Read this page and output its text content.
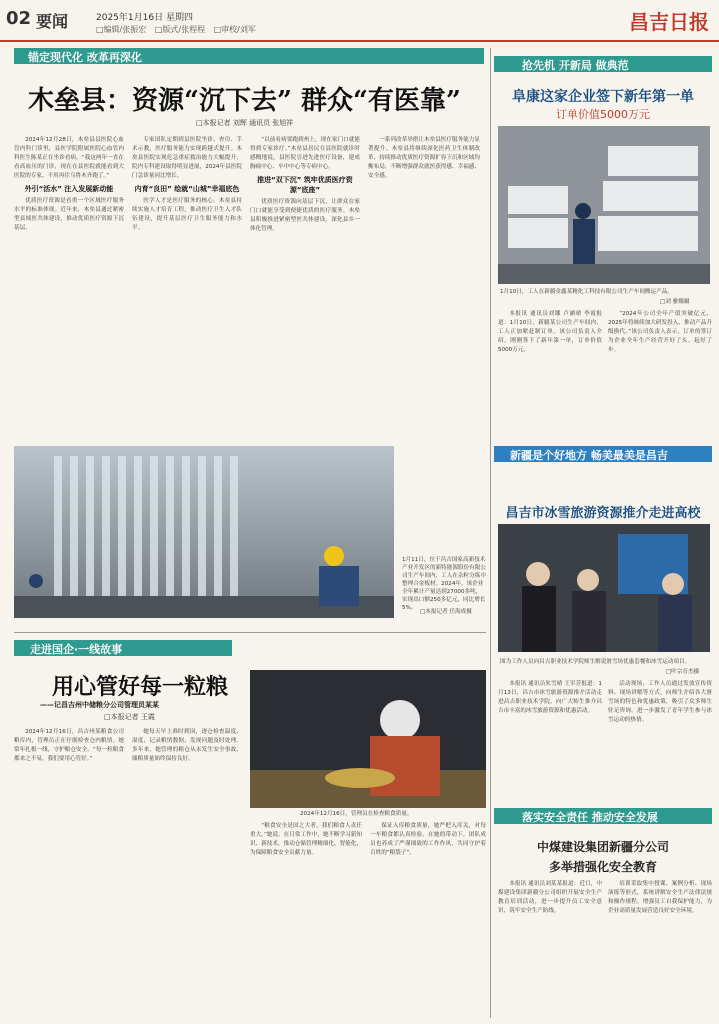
02 要闻	2025年1月16日 星期四
□编辑/张振宏 □版式/张程程 □审校/刘军	昌吉日报
锚定现代化 改革再深化
木垒县：资源“沉下去” 群众“有医靠”
□本报记者 刘辉 通讯员 张旭祥

2024年12月28日，木垒县县医院心血管内科门诊里，县医学院附属医院心血管内科医生陈某正在坐诊看病。“我这两年一直在看高血压的门诊，现在在县医院就能看到大医院的专家，不用再往乌鲁木齐跑了。”

外引“活水” 注入发展新动能

优质医疗资源是看重一个区域医疗服务水平的标准体现。近年来，木垒县通过紧密型县域医共体建设，推动优质医疗资源下沉基层。

专家团队定期到县医院坐诊、查房、手术示教，医疗服务能力实现跨越式提升。木垒县医院实现危急重症救治能力大幅提升，院内专科建设取得明显进展，2024年县医院门急诊量同比增长。

内育“良田” 绘就“山城”幸福底色

医学人才是医疗服务的核心。木垒县持续实施人才培育工程，推动医疗卫生人才队伍建设，提升基层医疗卫生服务能力和水平。

“以前看病要跑到州上，现在家门口就能得到专家诊疗。”木垒县居民在县医院就诊时感慨地说。县医院引进先进医疗设备，建成胸痛中心、卒中中心等专病中心。

推进“双下沉” 筑牢优质医疗资源“底座”

优质医疗资源向基层下沉，让群众在家门口就能享受到便捷优质的医疗服务。木垒县积极推进紧密型医共体建设，深化县乡一体化管理。

一系列改革举措让木垒县医疗服务能力显著提升。木垒县将继续深化医药卫生体制改革，持续推动优质医疗资源扩容下沉和区域均衡布局，不断增强群众就医获得感、幸福感、安全感。

1月11日，位于昌吉国家高新技术产业开发区的新特能源股份有限公司生产车间内，工人在杂粒分拣中整理合金板材。2024年，该企业全年累计产量达到27000多吨，实现出口额250多亿元，同比增长5%。
□本报记者 任海成摄
走进国企·一线故事
用心管好每一粒粮
——记昌吉州中储粮分公司管理员某某
□本报记者 王霞

2024年12月16日，昌吉州某粮食公司粮库内，管理员正在仔细检查仓内粮情。她常年扎根一线，守护粮仓安全。“每一粒粮食都来之不易，我们要用心管好。”

她每天早上准时到岗，逐仓检查温度、湿度，记录粮情数据，发现问题及时处理。多年来，她管理的粮仓从未发生安全事故，储粮质量始终保持良好。

2024年12月16日，管理员在检查粮食质量。

“粮食安全是国之大者，我们粮食人责任重大。”她说。在日常工作中，她不断学习新知识、新技术，推动仓储管理精细化、智能化，为保障粮食安全贡献力量。

保证入库粮食质量，她严把入库关，对每一车粮食都认真检验。在她的带动下，团队成员也养成了严谨细致的工作作风，共同守护着百姓的“粮袋子”。

抢先机 开新局 做典范
阜康这家企业签下新年第一单
订单价值5000万元
1月10日，工人在新疆金鑫某精化工科技有限公司生产车间搬运产品。
□刘 雅娜摄

本报讯 通讯员刘娜 卢涵晴 李霞报道：1月10日，新疆某公司生产车间内，工人正加紧赶制订单。该公司负责人介绍，刚刚签下了新年第一单，订单价值5000万元。

“2024年公司全年产值突破亿元，2025年将继续加大研发投入，推动产品升级换代。”该公司负责人表示，订单的签订为企业全年生产经营开好了头、起好了步。

新疆是个好地方 畅美最美是昌吉
昌吉市冰雪旅游资源推介走进高校
图为工作人员向昌吉职业技术学院师生解说滑雪场优惠套餐和冰雪运动项目。
□叶宗育杰摄

本报讯 通讯员朱雪晴 王军芳报道：1月13日，昌吉市冰雪旅游资源推介活动走进昌吉职业技术学院，向广大师生推介昌吉市丰富的冰雪旅游资源和优惠活动。

活动现场，工作人员通过发放宣传资料、现场讲解等方式，向师生介绍各大滑雪场的特色和优惠政策，吸引了众多师生驻足咨询，进一步激发了青年学生参与冰雪运动的热情。

落实安全责任 推动安全发展
中煤建设集团新疆分公司
多举措强化安全教育

本报讯 通讯员刘某某报道：近日，中煤建设集团新疆分公司组织开展安全生产教育培训活动，进一步提升员工安全意识，筑牢安全生产防线。

培训采取集中授课、案例分析、现场演练等形式，系统讲解安全生产法律法规和操作规程，增强员工自我保护能力，为企业高质量发展营造良好安全环境。
